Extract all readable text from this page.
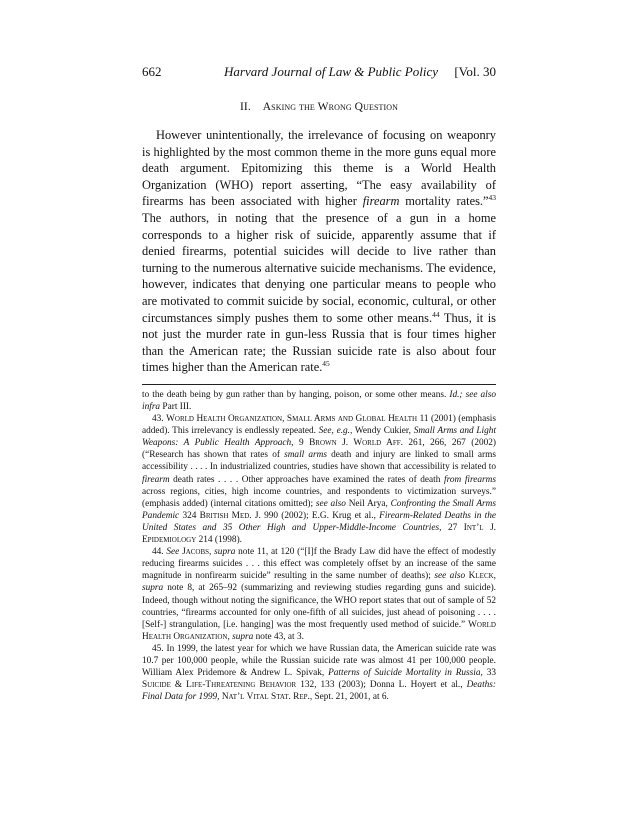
662	Harvard Journal of Law & Public Policy [Vol. 30
II. Asking the Wrong Question

However unintentionally, the irrelevance of focusing on weaponry is highlighted by the most common theme in the more guns equal more death argument. Epitomizing this theme is a World Health Organization (WHO) report asserting, “The easy availability of firearms has been associated with higher firearm mortality rates.”$^{43}$ The authors, in noting that the presence of a gun in a home corresponds to a higher risk of suicide, apparently assume that if denied firearms, potential suicides will decide to live rather than turning to the numerous alternative suicide mechanisms. The evidence, however, indicates that denying one particular means to people who are motivated to commit suicide by social, economic, cultural, or other circumstances simply pushes them to some other means.$^{44}$ Thus, it is not just the murder rate in gun-less Russia that is four times higher than the American rate; the Russian suicide rate is also about four times higher than the American rate.$^{45}$

to the death being by gun rather than by hanging, poison, or some other means. Id.; see also infra Part III.

43. World Health Organization, Small Arms and Global Health 11 (2001) (emphasis added). This irrelevancy is endlessly repeated. See, e.g., Wendy Cukier, Small Arms and Light Weapons: A Public Health Approach, 9 Brown J. World Aff. 261, 266, 267 (2002) (“Research has shown that rates of small arms death and injury are linked to small arms accessibility . . . . In industrialized countries, studies have shown that accessibility is related to firearm death rates . . . . Other approaches have examined the rates of death from firearms across regions, cities, high income countries, and respondents to victimization surveys.” (emphasis added) (internal citations omitted); see also Neil Arya, Confronting the Small Arms Pandemic 324 British Med. J. 990 (2002); E.G. Krug et al., Firearm-Related Deaths in the United States and 35 Other High and Upper-Middle-Income Countries, 27 Int’l J. Epidemiology 214 (1998).

44. See Jacobs, supra note 11, at 120 (“[I]f the Brady Law did have the effect of modestly reducing firearms suicides . . . this effect was completely offset by an increase of the same magnitude in nonfirearm suicide” resulting in the same number of deaths); see also Kleck, supra note 8, at 265–92 (summarizing and reviewing studies regarding guns and suicide). Indeed, though without noting the significance, the WHO report states that out of sample of 52 countries, “firearms accounted for only one-fifth of all suicides, just ahead of poisoning . . . . [Self-] strangulation, [i.e. hanging] was the most frequently used method of suicide.” World Health Organization, supra note 43, at 3.

45. In 1999, the latest year for which we have Russian data, the American suicide rate was 10.7 per 100,000 people, while the Russian suicide rate was almost 41 per 100,000 people. William Alex Pridemore & Andrew L. Spivak, Patterns of Suicide Mortality in Russia, 33 Suicide & Life-Threatening Behavior 132, 133 (2003); Donna L. Hoyert et al., Deaths: Final Data for 1999, Nat’l Vital Stat. Rep., Sept. 21, 2001, at 6.
